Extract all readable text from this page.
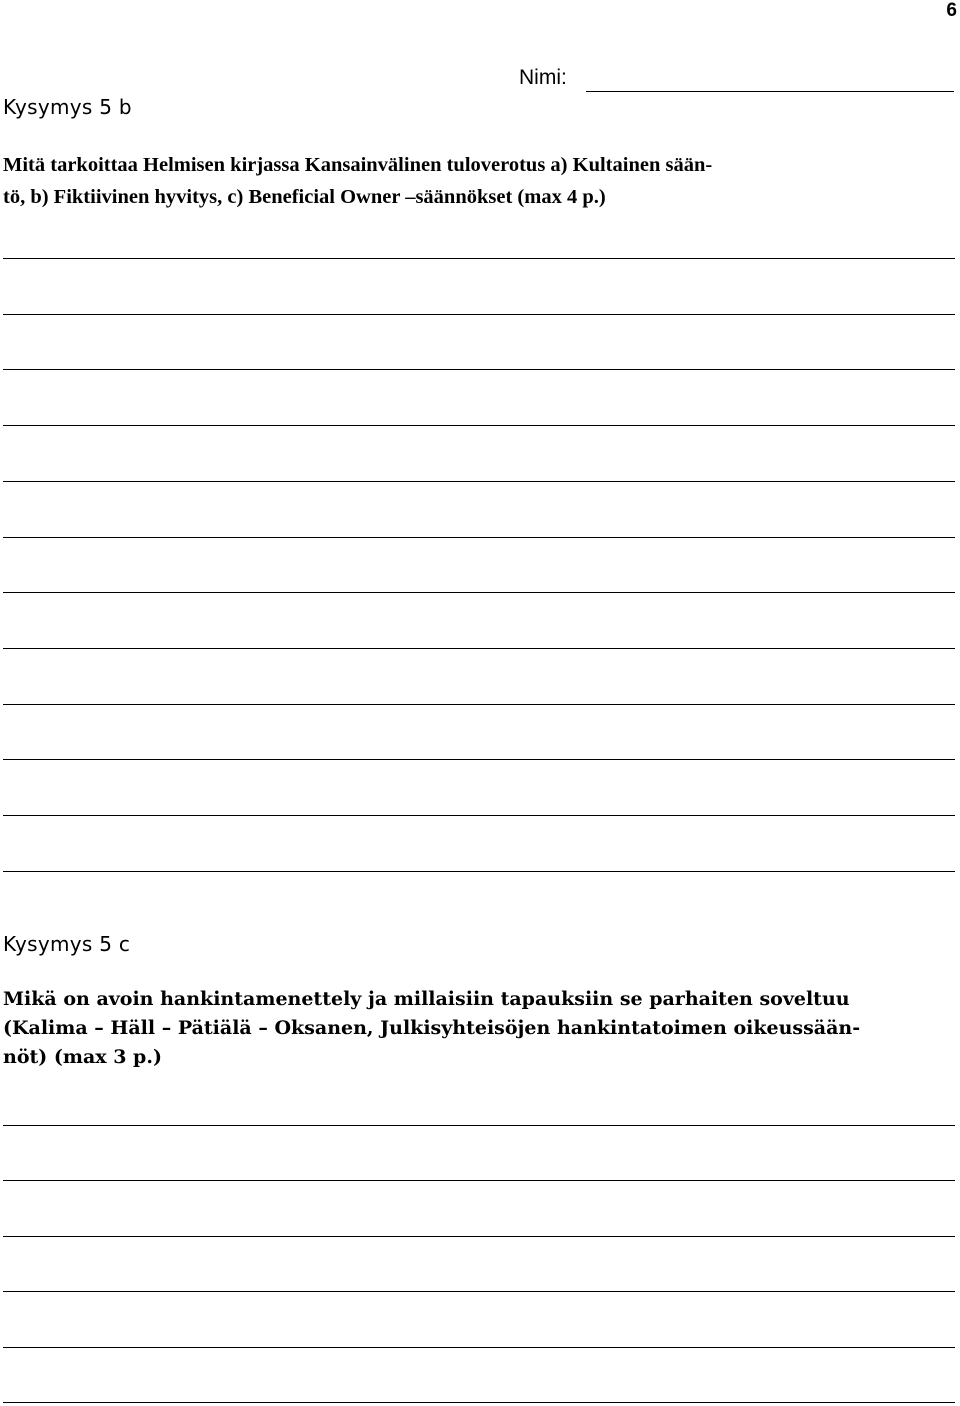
6
Nimi:
Kysymys 5 b
Mitä tarkoittaa Helmisen kirjassa Kansainvälinen tuloverotus a) Kultainen sään-
tö, b) Fiktiivinen hyvitys, c) Beneficial Owner –säännökset (max 4 p.)
Kysymys 5 c
Mikä on avoin hankintamenettely ja millaisiin tapauksiin se parhaiten soveltuu
(Kalima – Häll – Pätiälä – Oksanen, Julkisyhteisöjen hankintatoimen oikeussään-
nöt) (max 3 p.)
